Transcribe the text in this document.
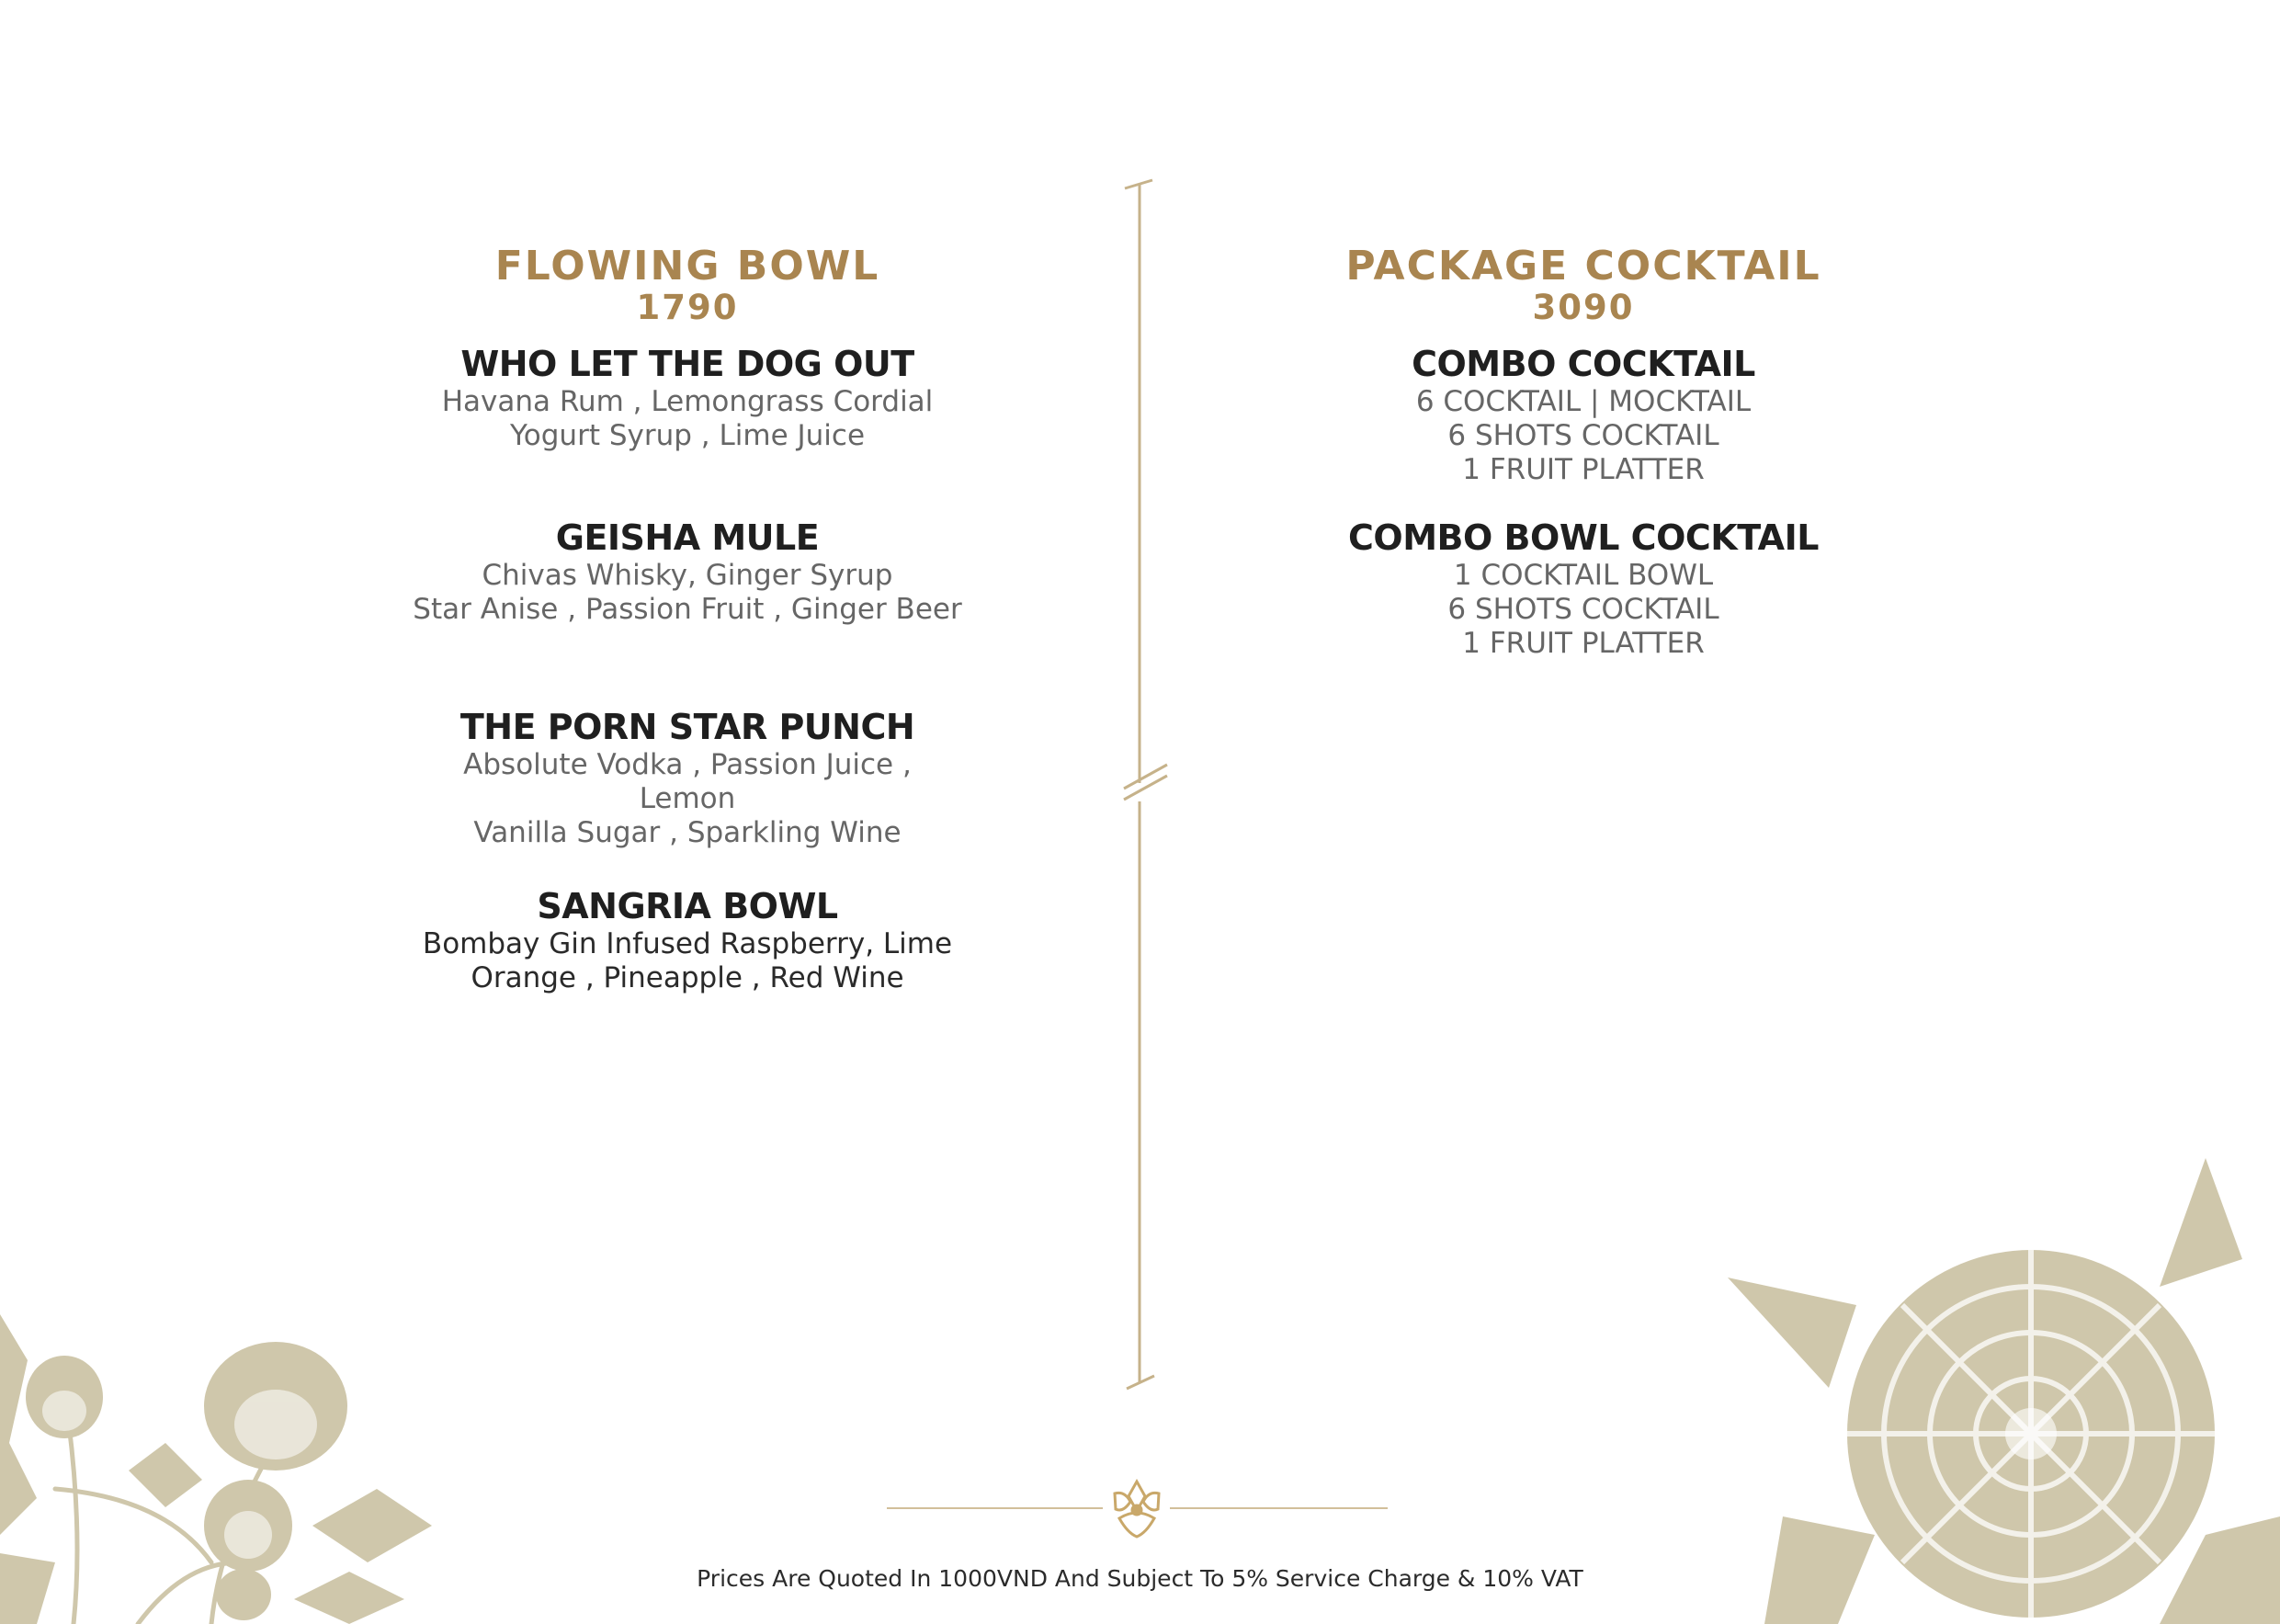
FLOWING BOWL
1790
WHO LET THE DOG OUT
Havana Rum , Lemongrass Cordial
Yogurt Syrup , Lime Juice
GEISHA MULE
Chivas Whisky, Ginger Syrup
Star Anise , Passion Fruit , Ginger Beer
THE PORN STAR PUNCH
Absolute Vodka , Passion Juice , Lemon
Vanilla Sugar , Sparkling Wine
SANGRIA BOWL
Bombay Gin Infused Raspberry, Lime
Orange , Pineapple , Red Wine
PACKAGE COCKTAIL
3090
COMBO COCKTAIL
6 COCKTAIL | MOCKTAIL
6 SHOTS COCKTAIL
1 FRUIT PLATTER
COMBO BOWL COCKTAIL
1 COCKTAIL BOWL
6 SHOTS COCKTAIL
1 FRUIT PLATTER
Prices Are Quoted In 1000VND And Subject To 5% Service Charge & 10% VAT
